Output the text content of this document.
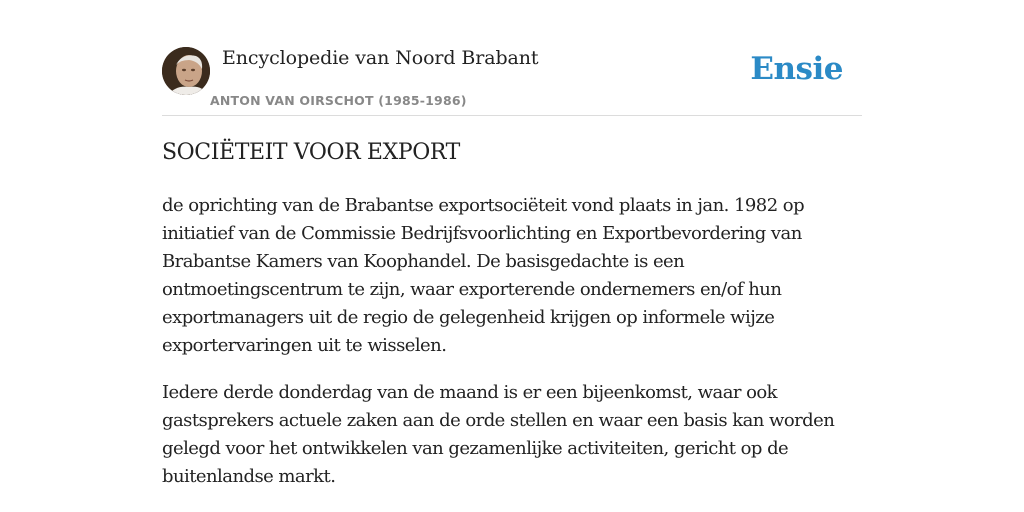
Encyclopedie van Noord Brabant
ANTON VAN OIRSCHOT (1985-1986)
Ensie
SOCIËTEIT VOOR EXPORT

de oprichting van de Brabantse exportsociëteit vond plaats in jan. 1982 op initiatief van de Commissie Bedrijfsvoorlichting en Exportbevordering van Brabantse Kamers van Koophandel. De basisgedachte is een ontmoetingscentrum te zijn, waar exporterende ondernemers en/of hun exportmanagers uit de regio de gelegenheid krijgen op informele wijze exportervaringen uit te wisselen.

Iedere derde donderdag van de maand is er een bijeenkomst, waar ook gastsprekers actuele zaken aan de orde stellen en waar een basis kan worden gelegd voor het ontwikkelen van gezamenlijke activiteiten, gericht op de buitenlandse markt.
